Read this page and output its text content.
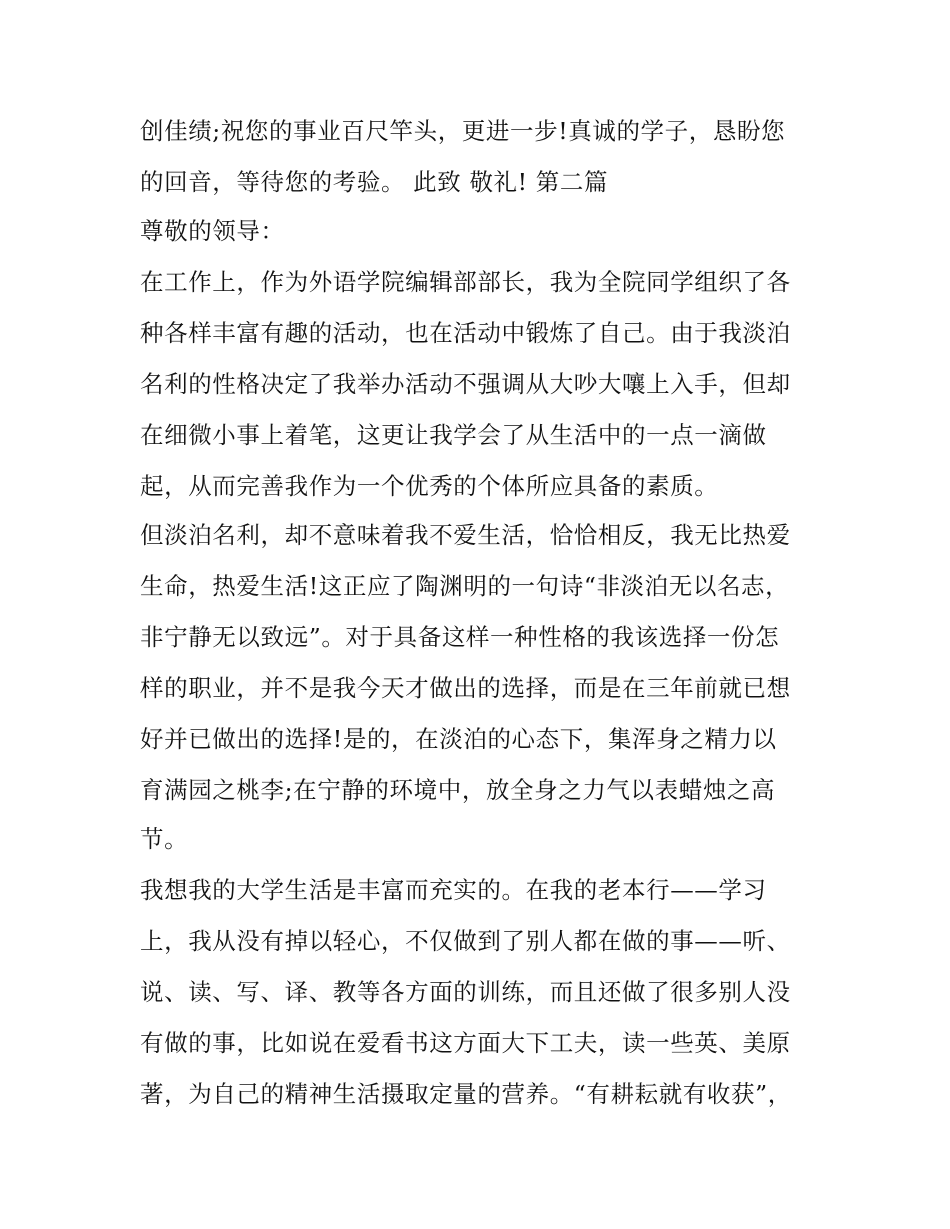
创佳绩;祝您的事业百尺竿头，更进一步!真诚的学子，恳盼您
的回音，等待您的考验。 此致 敬礼! 第二篇
尊敬的领导：
在工作上，作为外语学院编辑部部长，我为全院同学组织了各
种各样丰富有趣的活动，也在活动中锻炼了自己。由于我淡泊
名利的性格决定了我举办活动不强调从大吵大嚷上入手，但却
在细微小事上着笔，这更让我学会了从生活中的一点一滴做
起，从而完善我作为一个优秀的个体所应具备的素质。
但淡泊名利，却不意味着我不爱生活，恰恰相反，我无比热爱
生命，热爱生活!这正应了陶渊明的一句诗“非淡泊无以名志，
非宁静无以致远”。对于具备这样一种性格的我该选择一份怎
样的职业，并不是我今天才做出的选择，而是在三年前就已想
好并已做出的选择!是的，在淡泊的心态下，集浑身之精力以
育满园之桃李;在宁静的环境中，放全身之力气以表蜡烛之高
节。
我想我的大学生活是丰富而充实的。在我的老本行——学习
上，我从没有掉以轻心，不仅做到了别人都在做的事——听、
说、读、写、译、教等各方面的训练，而且还做了很多别人没
有做的事，比如说在爱看书这方面大下工夫，读一些英、美原
著，为自己的精神生活摄取定量的营养。“有耕耘就有收获”，
